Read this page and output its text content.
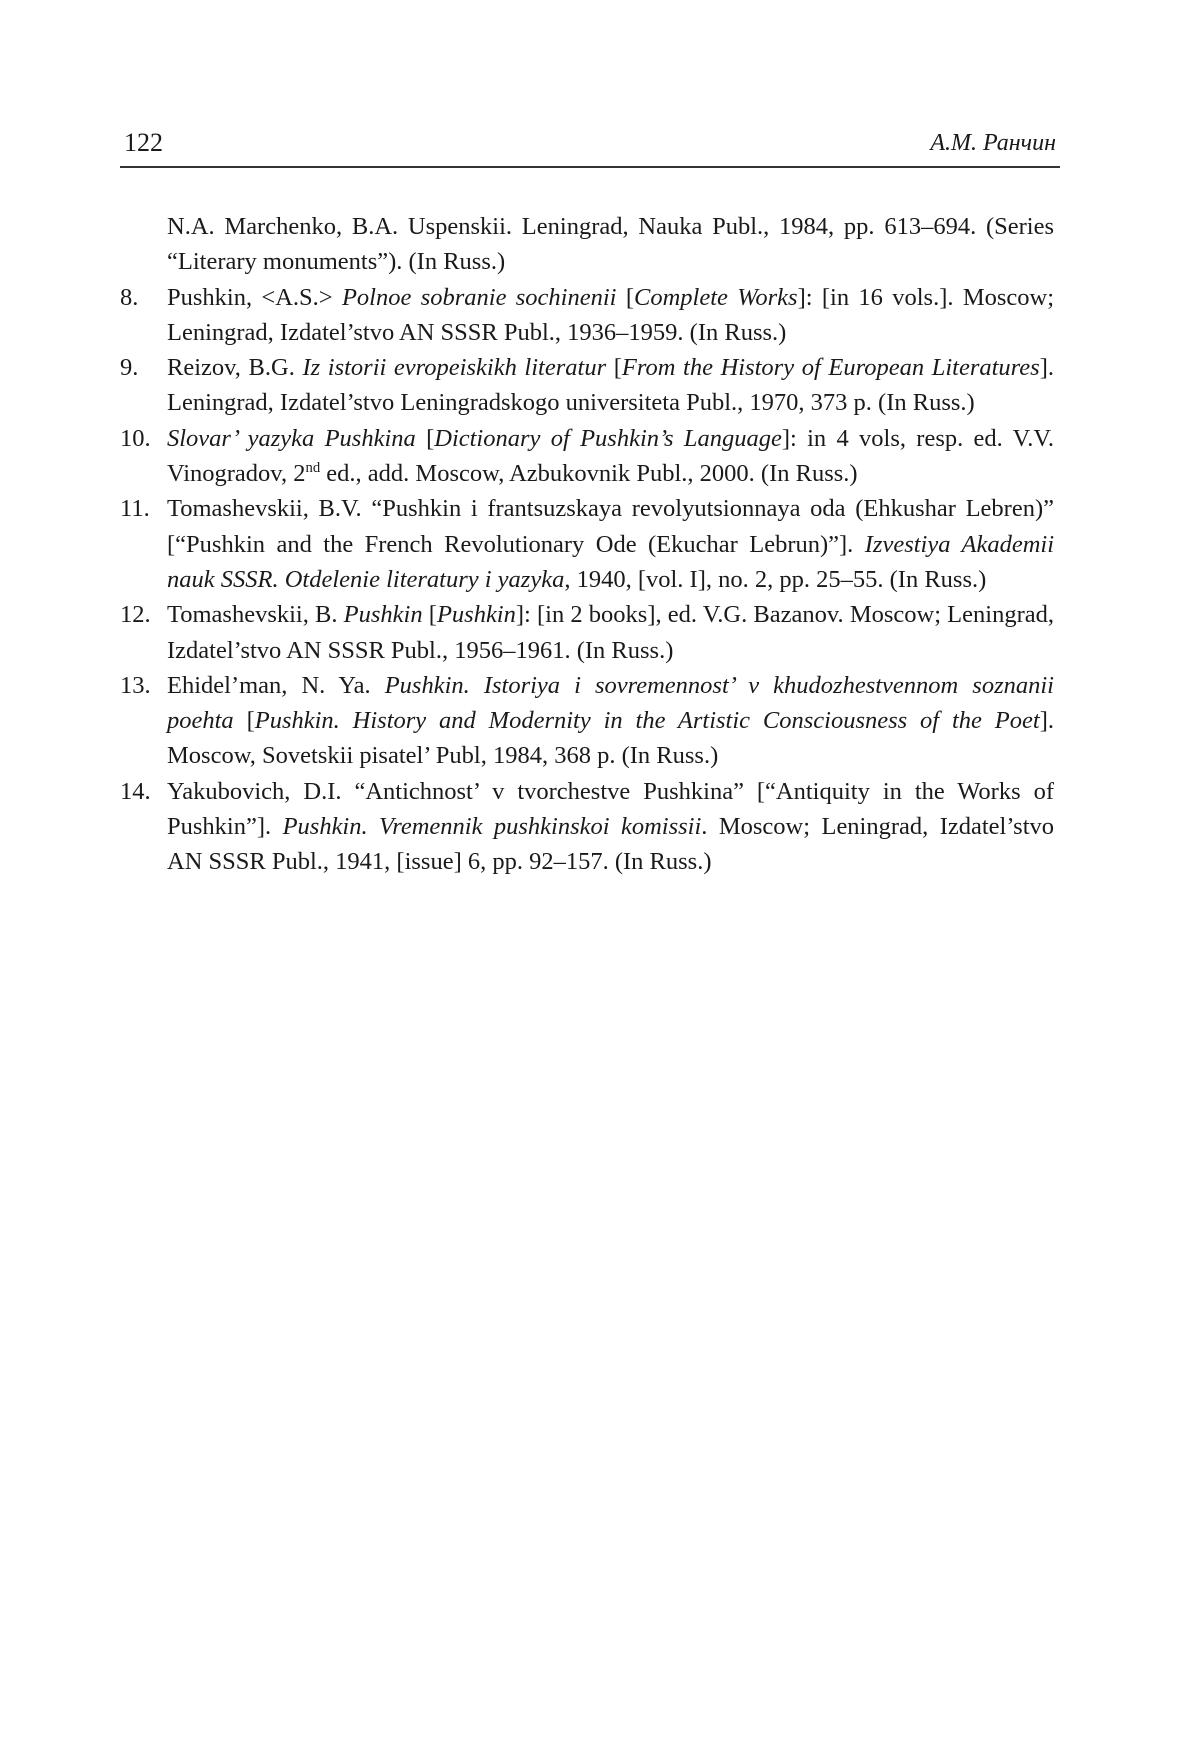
122	А.М. Ранчин
N.A. Marchenko, B.A. Uspenskii. Leningrad, Nauka Publ., 1984, pp. 613–694. (Series “Literary monuments”). (In Russ.)
8. Pushkin, <A.S.> Polnoe sobranie sochinenii [Complete Works]: [in 16 vols.]. Moscow; Leningrad, Izdatel’stvo AN SSSR Publ., 1936–1959. (In Russ.)
9. Reizov, B.G. Iz istorii evropeiskikh literatur [From the History of European Literatures]. Leningrad, Izdatel’stvo Leningradskogo universiteta Publ., 1970, 373 p. (In Russ.)
10. Slovar’ yazyka Pushkina [Dictionary of Pushkin’s Language]: in 4 vols, resp. ed. V.V. Vinogradov, 2nd ed., add. Moscow, Azbukovnik Publ., 2000. (In Russ.)
11. Tomashevskii, B.V. “Pushkin i frantsuzskaya revolyutsionnaya oda (Ehkushar Lebren)” [“Pushkin and the French Revolutionary Ode (Ekuchar Lebrun)”]. Izvestiya Akademii nauk SSSR. Otdelenie literatury i yazyka, 1940, [vol. I], no. 2, pp. 25–55. (In Russ.)
12. Tomashevskii, B. Pushkin [Pushkin]: [in 2 books], ed. V.G. Bazanov. Moscow; Leningrad, Izdatel’stvo AN SSSR Publ., 1956–1961. (In Russ.)
13. Ehidel’man, N. Ya. Pushkin. Istoriya i sovremennost’ v khudozhestvennom soznanii poehta [Pushkin. History and Modernity in the Artistic Consciousness of the Poet]. Moscow, Sovetskii pisatel’ Publ, 1984, 368 p. (In Russ.)
14. Yakubovich, D.I. “Antichnost’ v tvorchestve Pushkina” [“Antiquity in the Works of Pushkin”]. Pushkin. Vremennik pushkinskoi komissii. Moscow; Leningrad, Izdatel’stvo AN SSSR Publ., 1941, [issue] 6, pp. 92–157. (In Russ.)
